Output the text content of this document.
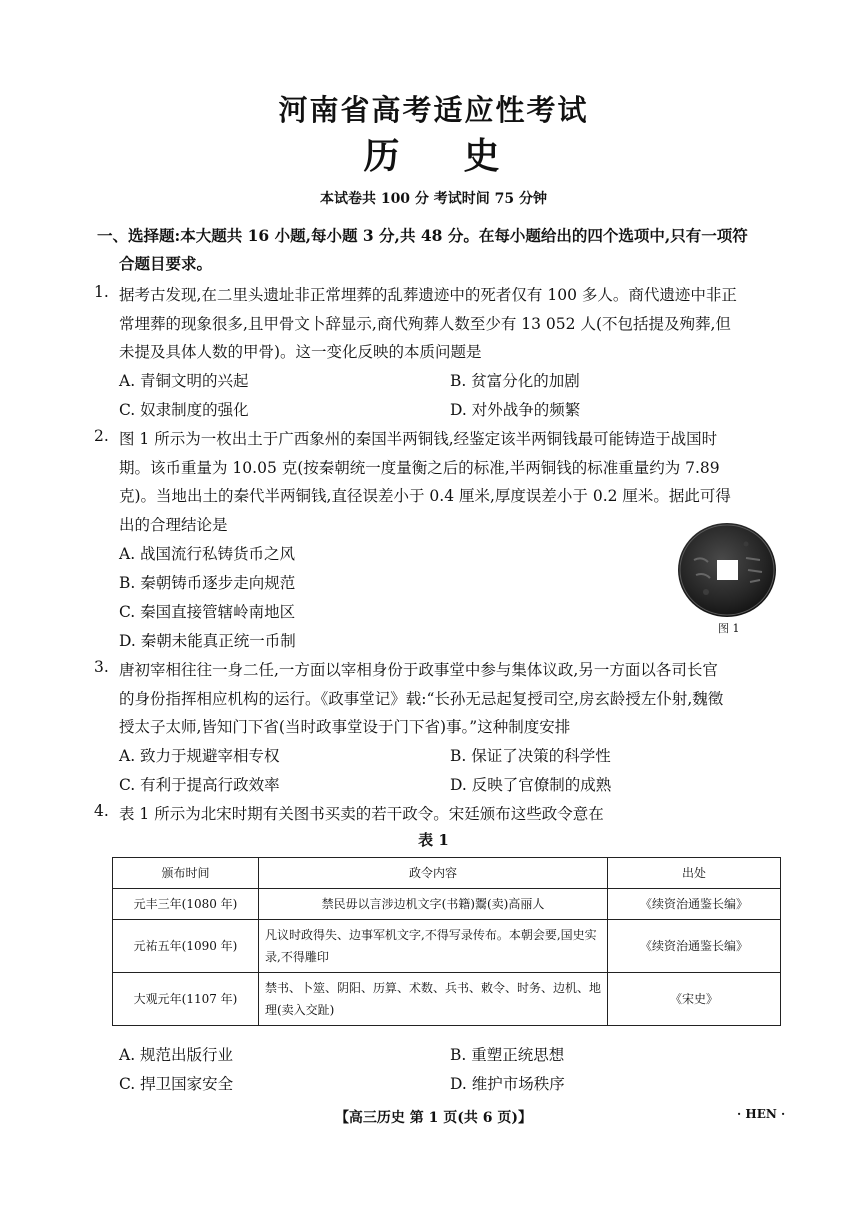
河南省高考适应性考试
历 史
本试卷共 100 分 考试时间 75 分钟
一、选择题:本大题共 16 小题,每小题 3 分,共 48 分。在每小题给出的四个选项中,只有一项符
合题目要求。
1. 据考古发现,在二里头遗址非正常埋葬的乱葬遗迹中的死者仅有 100 多人。商代遗迹中非正
常埋葬的现象很多,且甲骨文卜辞显示,商代殉葬人数至少有 13 052 人(不包括提及殉葬,但
未提及具体人数的甲骨)。这一变化反映的本质问题是
A. 青铜文明的兴起	B. 贫富分化的加剧
C. 奴隶制度的强化	D. 对外战争的频繁
2. 图 1 所示为一枚出土于广西象州的秦国半两铜钱,经鉴定该半两铜钱最可能铸造于战国时
期。该币重量为 10.05 克(按秦朝统一度量衡之后的标准,半两铜钱的标准重量约为 7.89
克)。当地出土的秦代半两铜钱,直径误差小于 0.4 厘米,厚度误差小于 0.2 厘米。据此可得
出的合理结论是
A. 战国流行私铸货币之风
B. 秦朝铸币逐步走向规范
C. 秦国直接管辖岭南地区
D. 秦朝未能真正统一币制
图 1
3. 唐初宰相往往一身二任,一方面以宰相身份于政事堂中参与集体议政,另一方面以各司长官
的身份指挥相应机构的运行。《政事堂记》载:“长孙无忌起复授司空,房玄龄授左仆射,魏徵
授太子太师,皆知门下省(当时政事堂设于门下省)事。”这种制度安排
A. 致力于规避宰相专权	B. 保证了决策的科学性
C. 有利于提高行政效率	D. 反映了官僚制的成熟
4. 表 1 所示为北宋时期有关图书买卖的若干政令。宋廷颁布这些政令意在
表 1
颁布时间	政令内容	出处
元丰三年(1080 年)	禁民毋以言涉边机文字(书籍)鬻(卖)高丽人	《续资治通鉴长编》
元祐五年(1090 年)	凡议时政得失、边事军机文字,不得写录传布。本朝会要,国史实录,不得雕印	《续资治通鉴长编》
大观元年(1107 年)	禁书、卜筮、阴阳、历算、术数、兵书、敕令、时务、边机、地理(卖入交趾)	《宋史》
A. 规范出版行业	B. 重塑正统思想
C. 捍卫国家安全	D. 维护市场秩序
【高三历史 第 1 页(共 6 页)】	· HEN ·
